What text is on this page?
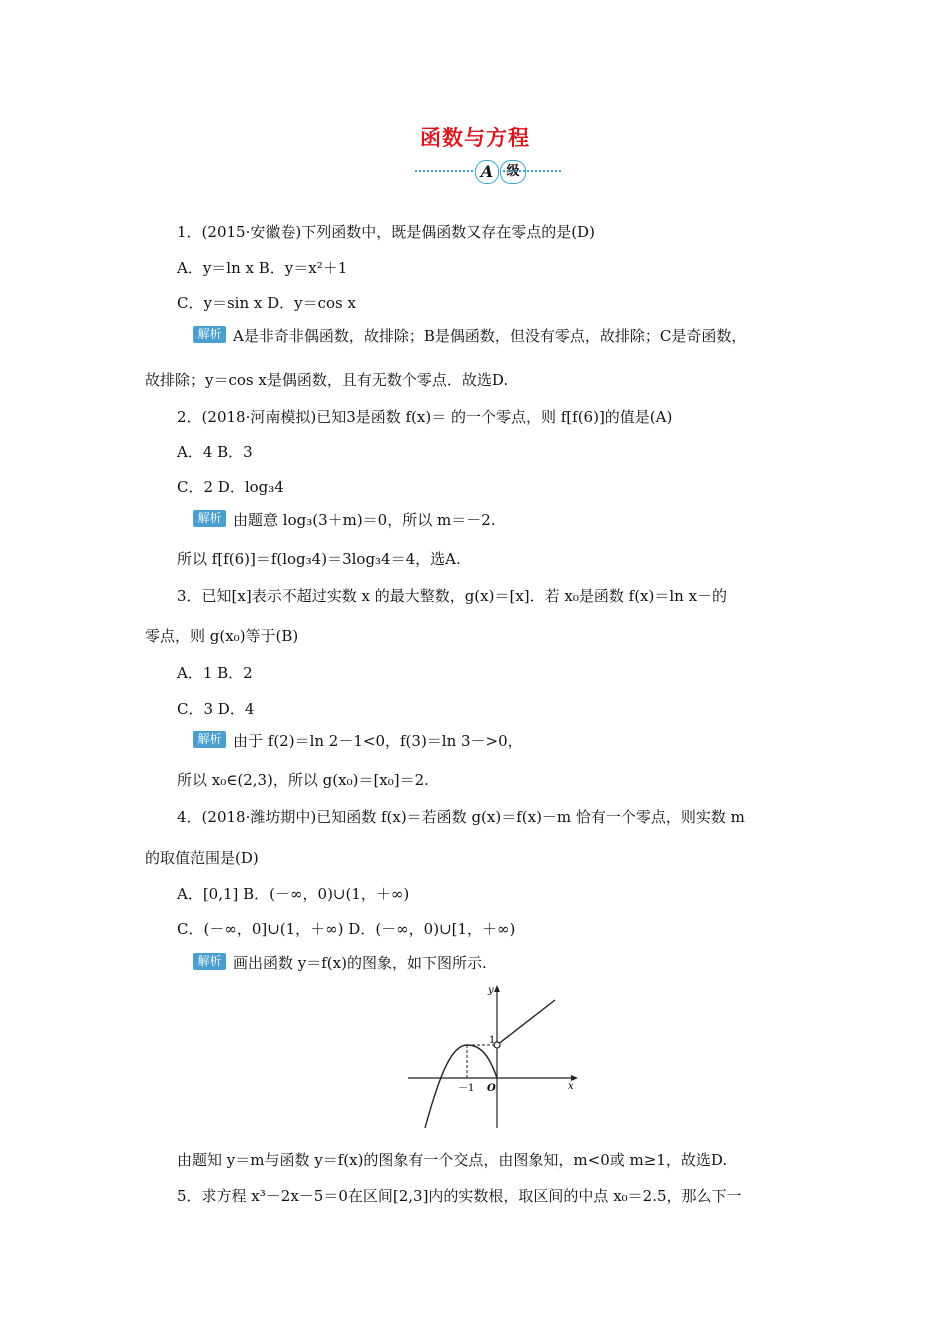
函数与方程
A	级
1．(2015·安徽卷)下列函数中，既是偶函数又存在零点的是(D)
A．y＝ln x B．y＝x²＋1
C．y＝sin x D．y＝cos x
解析 A是非奇非偶函数，故排除；B是偶函数，但没有零点，故排除；C是奇函数，
故排除；y＝cos x是偶函数，且有无数个零点．故选D.
2．(2018·河南模拟)已知3是函数 f(x)＝ 的一个零点，则 f[f(6)]的值是(A)
A．4 B．3
C．2 D．log₃4
解析 由题意 log₃(3＋m)＝0，所以 m＝－2.
所以 f[f(6)]＝f(log₃4)＝3log₃4＝4，选A.
3．已知[x]表示不超过实数 x 的最大整数，g(x)＝[x]．若 x₀是函数 f(x)＝ln x－的
零点，则 g(x₀)等于(B)
A．1 B．2
C．3 D．4
解析 由于 f(2)＝ln 2－1<0，f(3)＝ln 3－>0，
所以 x₀∈(2,3)，所以 g(x₀)＝[x₀]＝2.
4．(2018·潍坊期中)已知函数 f(x)＝若函数 g(x)＝f(x)－m 恰有一个零点，则实数 m
的取值范围是(D)
A．[0,1] B．(－∞，0)∪(1，＋∞)
C．(－∞，0]∪(1，＋∞) D．(－∞，0)∪[1，＋∞)
解析 画出函数 y＝f(x)的图象，如下图所示.
y
x
O
－1
1
由题知 y＝m与函数 y＝f(x)的图象有一个交点，由图象知，m<0或 m≥1，故选D.
5．求方程 x³－2x－5＝0在区间[2,3]内的实数根，取区间的中点 x₀＝2.5，那么下一
